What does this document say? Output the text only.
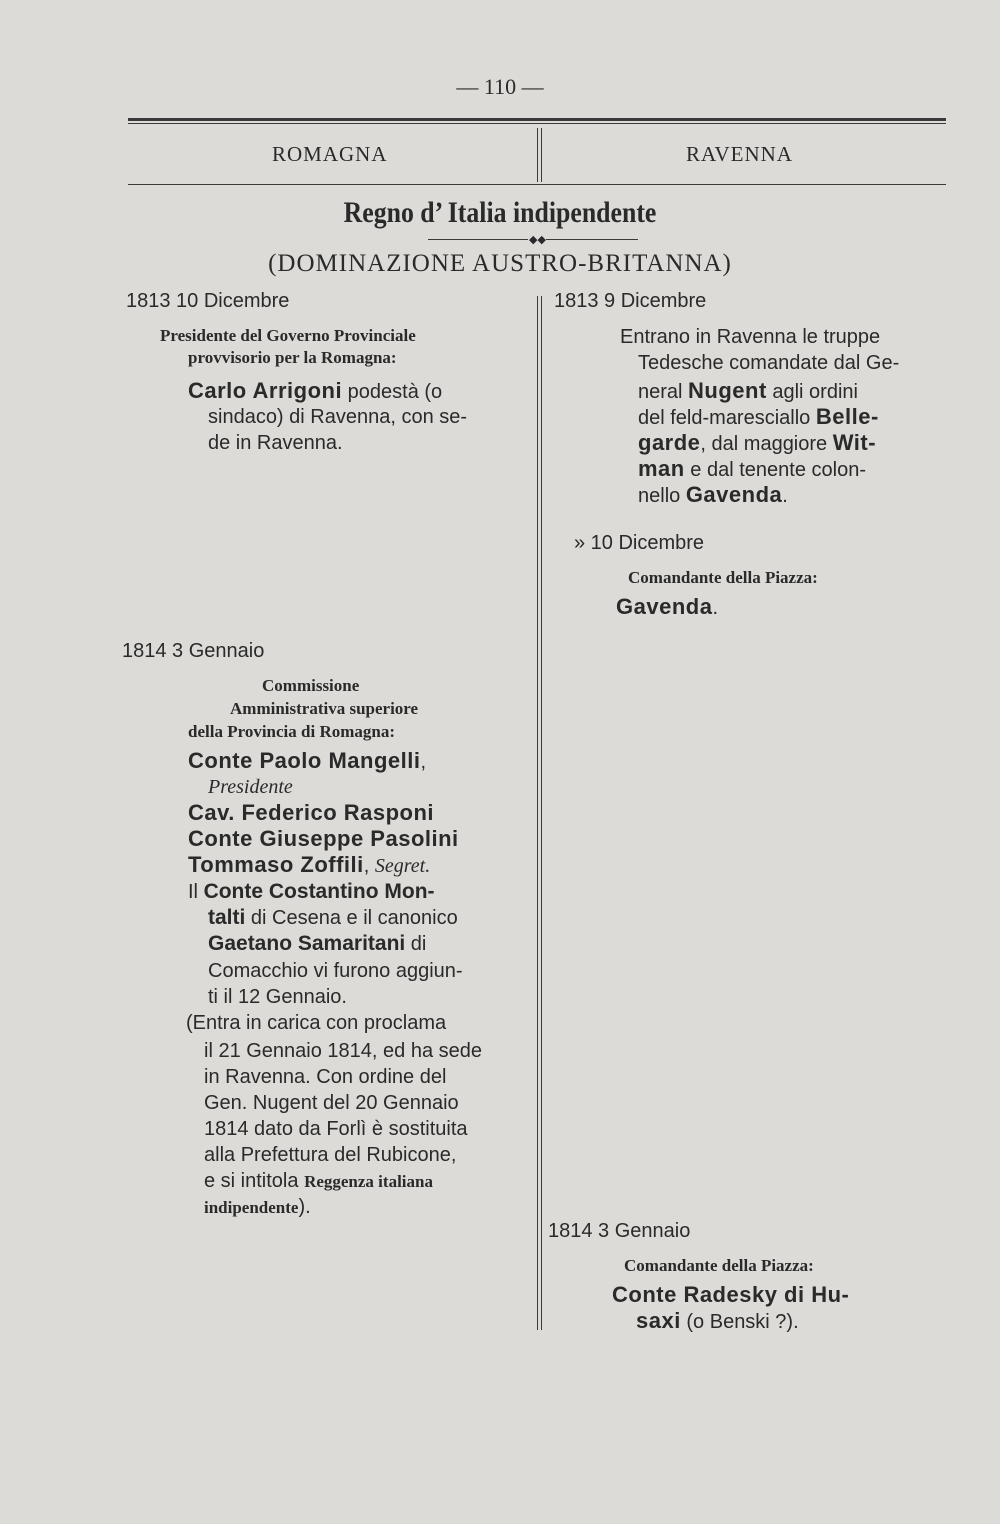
— 110 —
ROMAGNA	RAVENNA
Regno d’ Italia indipendente
◆◆
(DOMINAZIONE AUSTRO-BRITANNA)
1813 10 Dicembre
Presidente del Governo Provinciale
provvisorio per la Romagna:
Carlo Arrigoni podestà (o
sindaco) di Ravenna, con se-
de in Ravenna.
1814 3 Gennaio
Commissione
Amministrativa superiore
della Provincia di Romagna:
Conte Paolo Mangelli,
Presidente
Cav. Federico Rasponi
Conte Giuseppe Pasolini
Tommaso Zoffili, Segret.
Il Conte Costantino Mon-
talti di Cesena e il canonico
Gaetano Samaritani di
Comacchio vi furono aggiun-
ti il 12 Gennaio.
(Entra in carica con proclama
il 21 Gennaio 1814, ed ha sede
in Ravenna. Con ordine del
Gen. Nugent del 20 Gennaio
1814 dato da Forlì è sostituita
alla Prefettura del Rubicone,
e si intitola Reggenza italiana
indipendente).
1813 9 Dicembre
Entrano in Ravenna le truppe
Tedesche comandate dal Ge-
neral Nugent agli ordini
del feld-maresciallo Belle-
garde, dal maggiore Wit-
man e dal tenente colon-
nello Gavenda.
» 10 Dicembre
Comandante della Piazza:
Gavenda.
1814 3 Gennaio
Comandante della Piazza:
Conte Radesky di Hu-
saxi (o Benski ?).
